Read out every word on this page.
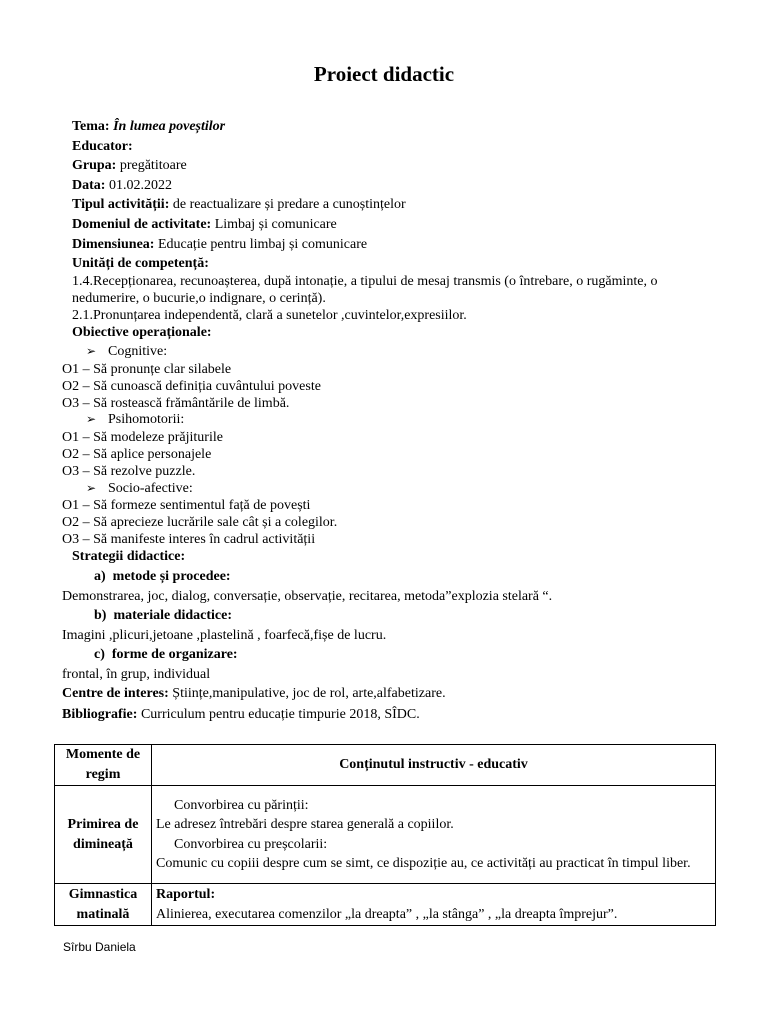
Proiect didactic
Tema: În lumea poveștilor
Educator:
Grupa: pregătitoare
Data: 01.02.2022
Tipul activității: de reactualizare și predare a cunoștințelor
Domeniul de activitate: Limbaj și comunicare
Dimensiunea: Educație pentru limbaj și comunicare
Unități de competență:
1.4.Recepționarea, recunoașterea, după intonație, a tipului de mesaj transmis (o întrebare, o rugăminte, o
nedumerire, o bucurie,o indignare, o cerință).
2.1.Pronunțarea independentă, clară a sunetelor ,cuvintelor,expresiilor.
Obiective operaționale:
➢ Cognitive:
O1 – Să pronunțe clar silabele
O2 – Să cunoască definiția cuvântului poveste
O3 – Să rostească frământările de limbă.
➢ Psihomotorii:
O1 – Să modeleze prăjiturile
O2 – Să aplice personajele
O3 – Să rezolve puzzle.
➢ Socio-afective:
O1 – Să formeze sentimentul față de povești
O2 – Să aprecieze lucrările sale cât și a colegilor.
O3 – Să manifeste interes în cadrul activității
Strategii didactice:
a) metode și procedee:
Demonstrarea, joc, dialog, conversație, observație, recitarea, metoda”explozia stelară “.
b) materiale didactice:
Imagini ,plicuri,jetoane ,plastelină , foarfecă,fișe de lucru.
c) forme de organizare:
frontal, în grup, individual
Centre de interes: Științe,manipulative, joc de rol, arte,alfabetizare.
Bibliografie: Curriculum pentru educație timpurie 2018, SÎDC.
Momente de regim	Conținutul instructiv - educativ
Primirea de dimineață	Convorbirea cu părinții:
Le adresez întrebări despre starea generală a copiilor.
Convorbirea cu preșcolarii:
Comunic cu copiii despre cum se simt, ce dispoziție au, ce activități au practicat în timpul liber.

Gimnastica matinală	Raportul:
Alinierea, executarea comenzilor „la dreapta” , „la stânga” , „la dreapta împrejur”.
Sîrbu Daniela
